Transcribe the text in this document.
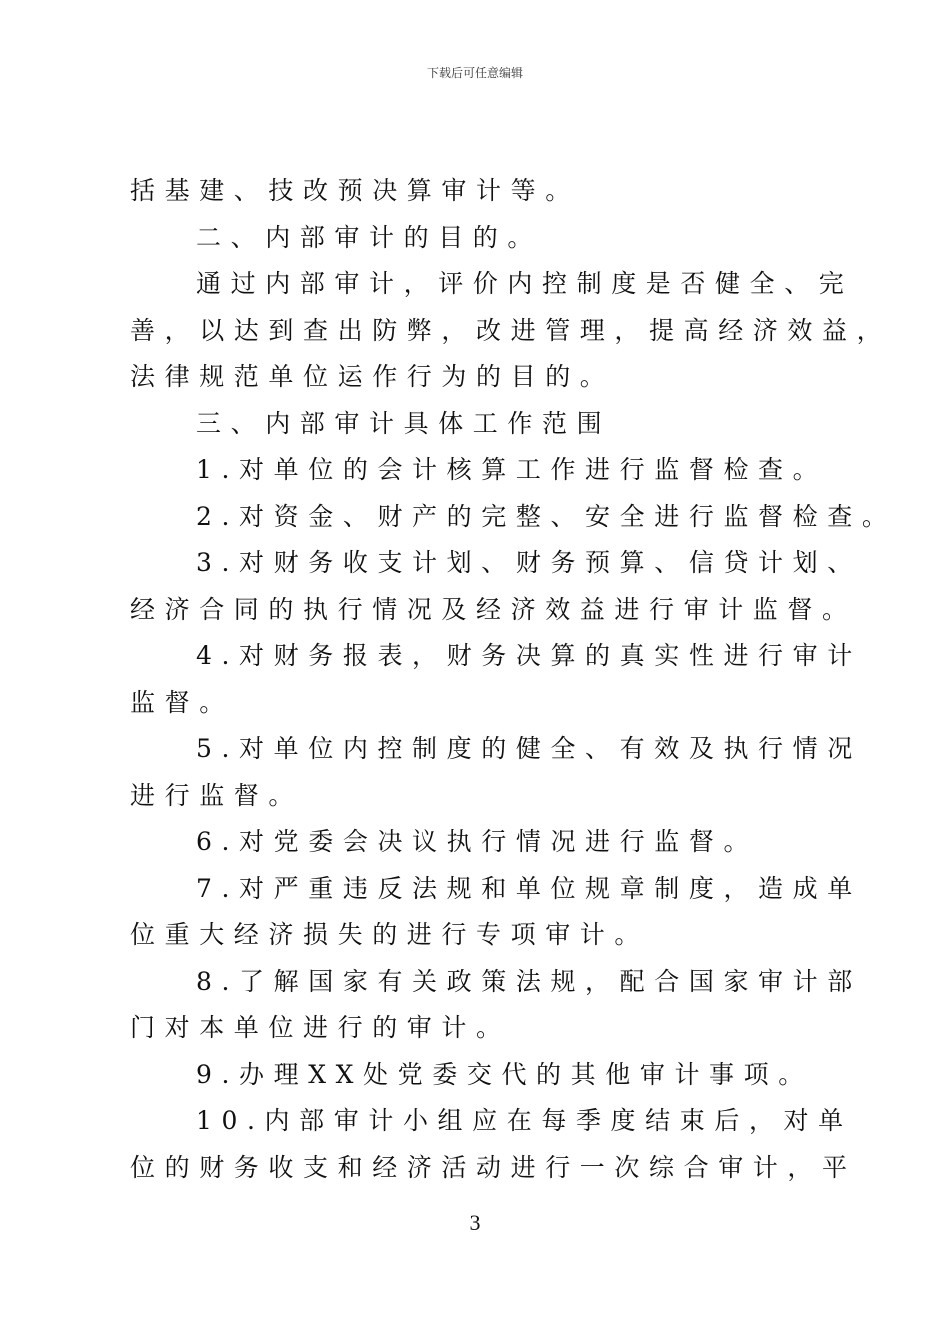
下载后可任意编辑
括基建、技改预决算审计等。
二、内部审计的目的。
通过内部审计，评价内控制度是否健全、完
善，以达到查出防弊，改进管理，提高经济效益，
法律规范单位运作行为的目的。
三、内部审计具体工作范围
1.对单位的会计核算工作进行监督检查。
2.对资金、财产的完整、安全进行监督检查。
3.对财务收支计划、财务预算、信贷计划、
经济合同的执行情况及经济效益进行审计监督。
4.对财务报表，财务决算的真实性进行审计
监督。
5.对单位内控制度的健全、有效及执行情况
进行监督。
6.对党委会决议执行情况进行监督。
7.对严重违反法规和单位规章制度，造成单
位重大经济损失的进行专项审计。
8.了解国家有关政策法规，配合国家审计部
门对本单位进行的审计。
9.办理XX处党委交代的其他审计事项。
10.内部审计小组应在每季度结束后，对单
位的财务收支和经济活动进行一次综合审计，平
3
